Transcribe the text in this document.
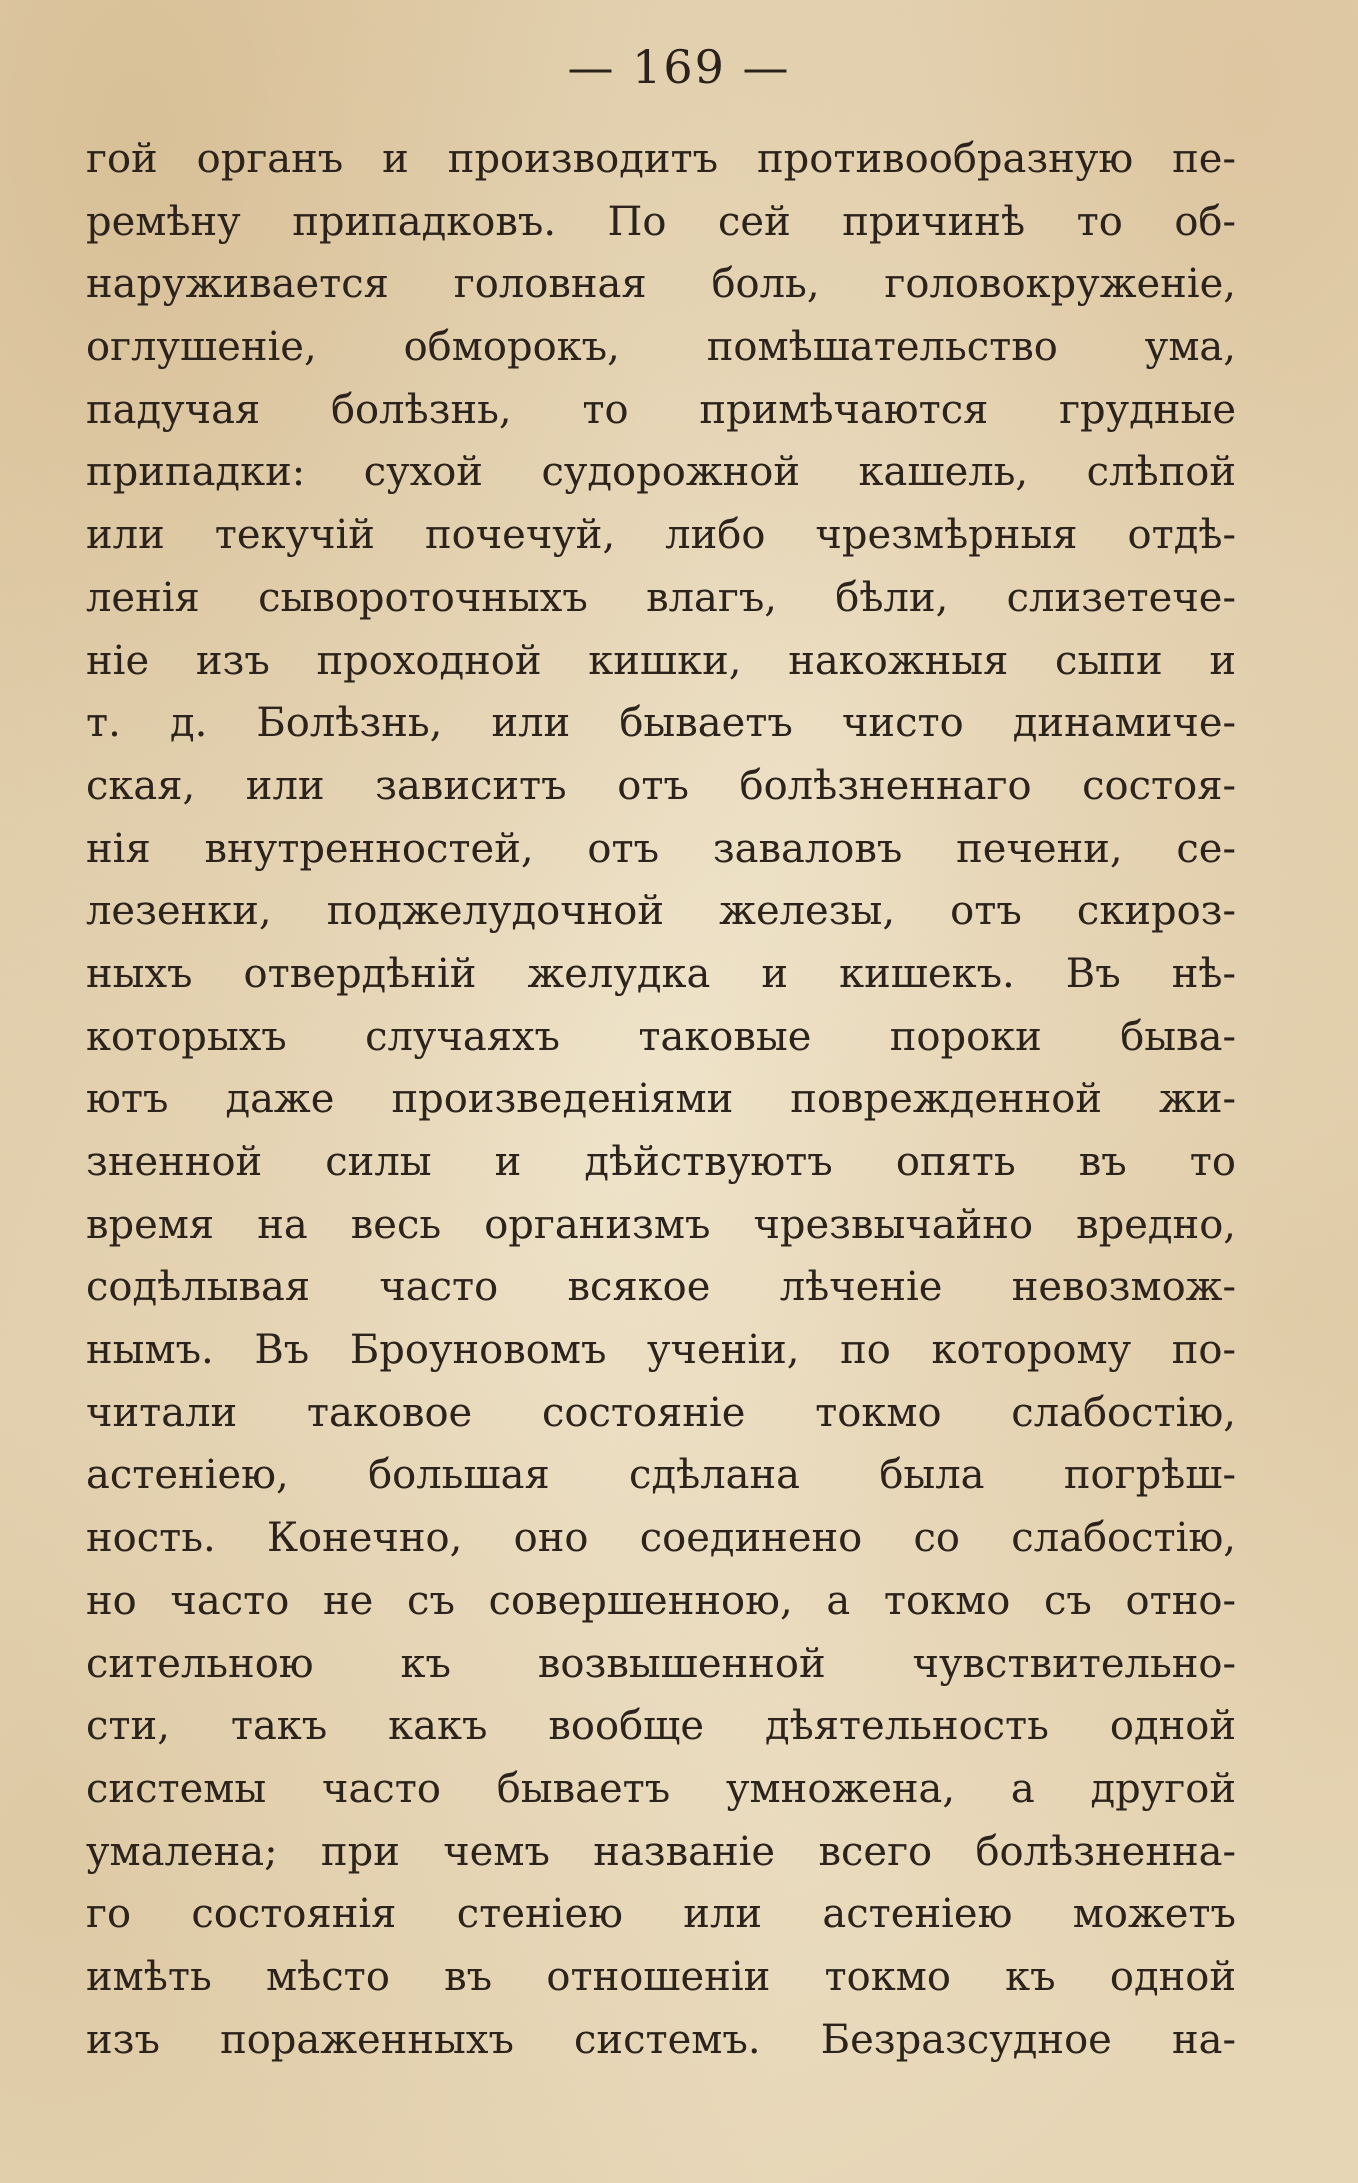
— 169 —
гой органъ и производитъ противообразную пе-
ремѣну припадковъ. По сей причинѣ то об-
наруживается головная боль, головокруженіе,
оглушеніе, обморокъ, помѣшательство ума,
падучая болѣзнь, то примѣчаются грудные
припадки: сухой судорожной кашель, слѣпой
или текучій почечуй, либо чрезмѣрныя отдѣ-
ленія сывороточныхъ влагъ, бѣли, слизетече-
ніе изъ проходной кишки, накожныя сыпи и
т. д. Болѣзнь, или бываетъ чисто динамиче-
ская, или зависитъ отъ болѣзненнаго состоя-
нія внутренностей, отъ заваловъ печени, се-
лезенки, поджелудочной железы, отъ скироз-
ныхъ отвердѣній желудка и кишекъ. Въ нѣ-
которыхъ случаяхъ таковые пороки быва-
ютъ даже произведеніями поврежденной жи-
зненной силы и дѣйствуютъ опять въ то
время на весь организмъ чрезвычайно вредно,
содѣлывая часто всякое лѣченіе невозмож-
нымъ. Въ Броуновомъ ученіи, по которому по-
читали таковое состояніе токмо слабостію,
астеніею, большая сдѣлана была погрѣш-
ность. Конечно, оно соединено со слабостію,
но часто не съ совершенною, а токмо съ отно-
сительною къ возвышенной чувствительно-
сти, такъ какъ вообще дѣятельность одной
системы часто бываетъ умножена, а другой
умалена; при чемъ названіе всего болѣзненна-
го состоянія стеніею или астеніею можетъ
имѣть мѣсто въ отношеніи токмо къ одной
изъ пораженныхъ системъ. Безразсудное на-
